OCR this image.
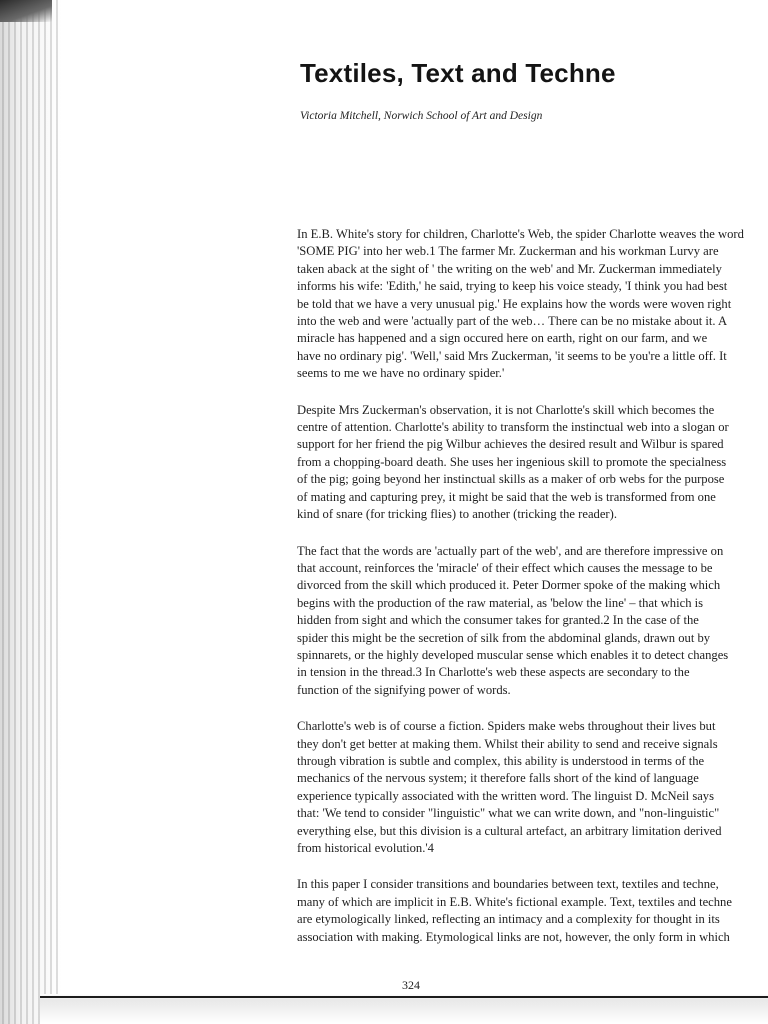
Textiles, Text and Techne

Victoria Mitchell, Norwich School of Art and Design

In E.B. White's story for children, Charlotte's Web, the spider Charlotte weaves the word
'SOME PIG' into her web.1 The farmer Mr. Zuckerman and his workman Lurvy are
taken aback at the sight of ' the writing on the web' and Mr. Zuckerman immediately
informs his wife: 'Edith,' he said, trying to keep his voice steady, 'I think you had best
be told that we have a very unusual pig.' He explains how the words were woven right
into the web and were 'actually part of the web… There can be no mistake about it. A
miracle has happened and a sign occured here on earth, right on our farm, and we
have no ordinary pig'. 'Well,' said Mrs Zuckerman, 'it seems to be you're a little off. It
seems to me we have no ordinary spider.'

Despite Mrs Zuckerman's observation, it is not Charlotte's skill which becomes the
centre of attention. Charlotte's ability to transform the instinctual web into a slogan or
support for her friend the pig Wilbur achieves the desired result and Wilbur is spared
from a chopping-board death. She uses her ingenious skill to promote the specialness
of the pig; going beyond her instinctual skills as a maker of orb webs for the purpose
of mating and capturing prey, it might be said that the web is transformed from one
kind of snare (for tricking flies) to another (tricking the reader).

The fact that the words are 'actually part of the web', and are therefore impressive on
that account, reinforces the 'miracle' of their effect which causes the message to be
divorced from the skill which produced it. Peter Dormer spoke of the making which
begins with the production of the raw material, as 'below the line' – that which is
hidden from sight and which the consumer takes for granted.2 In the case of the
spider this might be the secretion of silk from the abdominal glands, drawn out by
spinnarets, or the highly developed muscular sense which enables it to detect changes
in tension in the thread.3 In Charlotte's web these aspects are secondary to the
function of the signifying power of words.

Charlotte's web is of course a fiction. Spiders make webs throughout their lives but
they don't get better at making them. Whilst their ability to send and receive signals
through vibration is subtle and complex, this ability is understood in terms of the
mechanics of the nervous system; it therefore falls short of the kind of language
experience typically associated with the written word. The linguist D. McNeil says
that: 'We tend to consider "linguistic" what we can write down, and "non-linguistic"
everything else, but this division is a cultural artefact, an arbitrary limitation derived
from historical evolution.'4

In this paper I consider transitions and boundaries between text, textiles and techne,
many of which are implicit in E.B. White's fictional example. Text, textiles and techne
are etymologically linked, reflecting an intimacy and a complexity for thought in its
association with making. Etymological links are not, however, the only form in which

324
